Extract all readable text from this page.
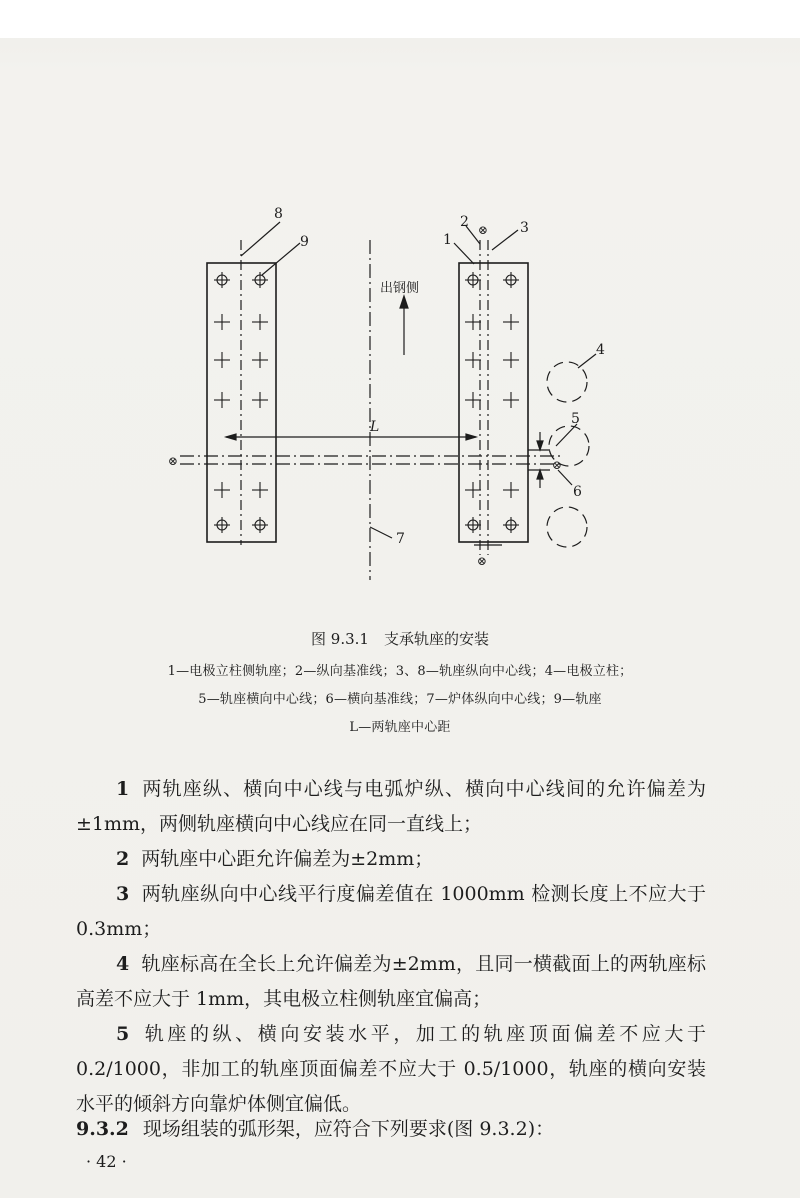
8
9
2	3
1
4
5
6
7
L
出钢侧
⊗
⊗	⊗
⊗
图 9.3.1　支承轨座的安装
1—电极立柱侧轨座；2—纵向基准线；3、8—轨座纵向中心线；4—电极立柱；
5—轨座横向中心线；6—横向基准线；7—炉体纵向中心线；9—轨座
L—两轨座中心距
1 两轨座纵、横向中心线与电弧炉纵、横向中心线间的允许偏差为±1mm，两侧轨座横向中心线应在同一直线上；
2 两轨座中心距允许偏差为±2mm；
3 两轨座纵向中心线平行度偏差值在 1000mm 检测长度上不应大于 0.3mm；
4 轨座标高在全长上允许偏差为±2mm，且同一横截面上的两轨座标高差不应大于 1mm，其电极立柱侧轨座宜偏高；
5 轨座的纵、横向安装水平，加工的轨座顶面偏差不应大于 0.2/1000，非加工的轨座顶面偏差不应大于 0.5/1000，轨座的横向安装水平的倾斜方向靠炉体侧宜偏低。
9.3.2 现场组装的弧形架，应符合下列要求(图 9.3.2)：
· 42 ·
